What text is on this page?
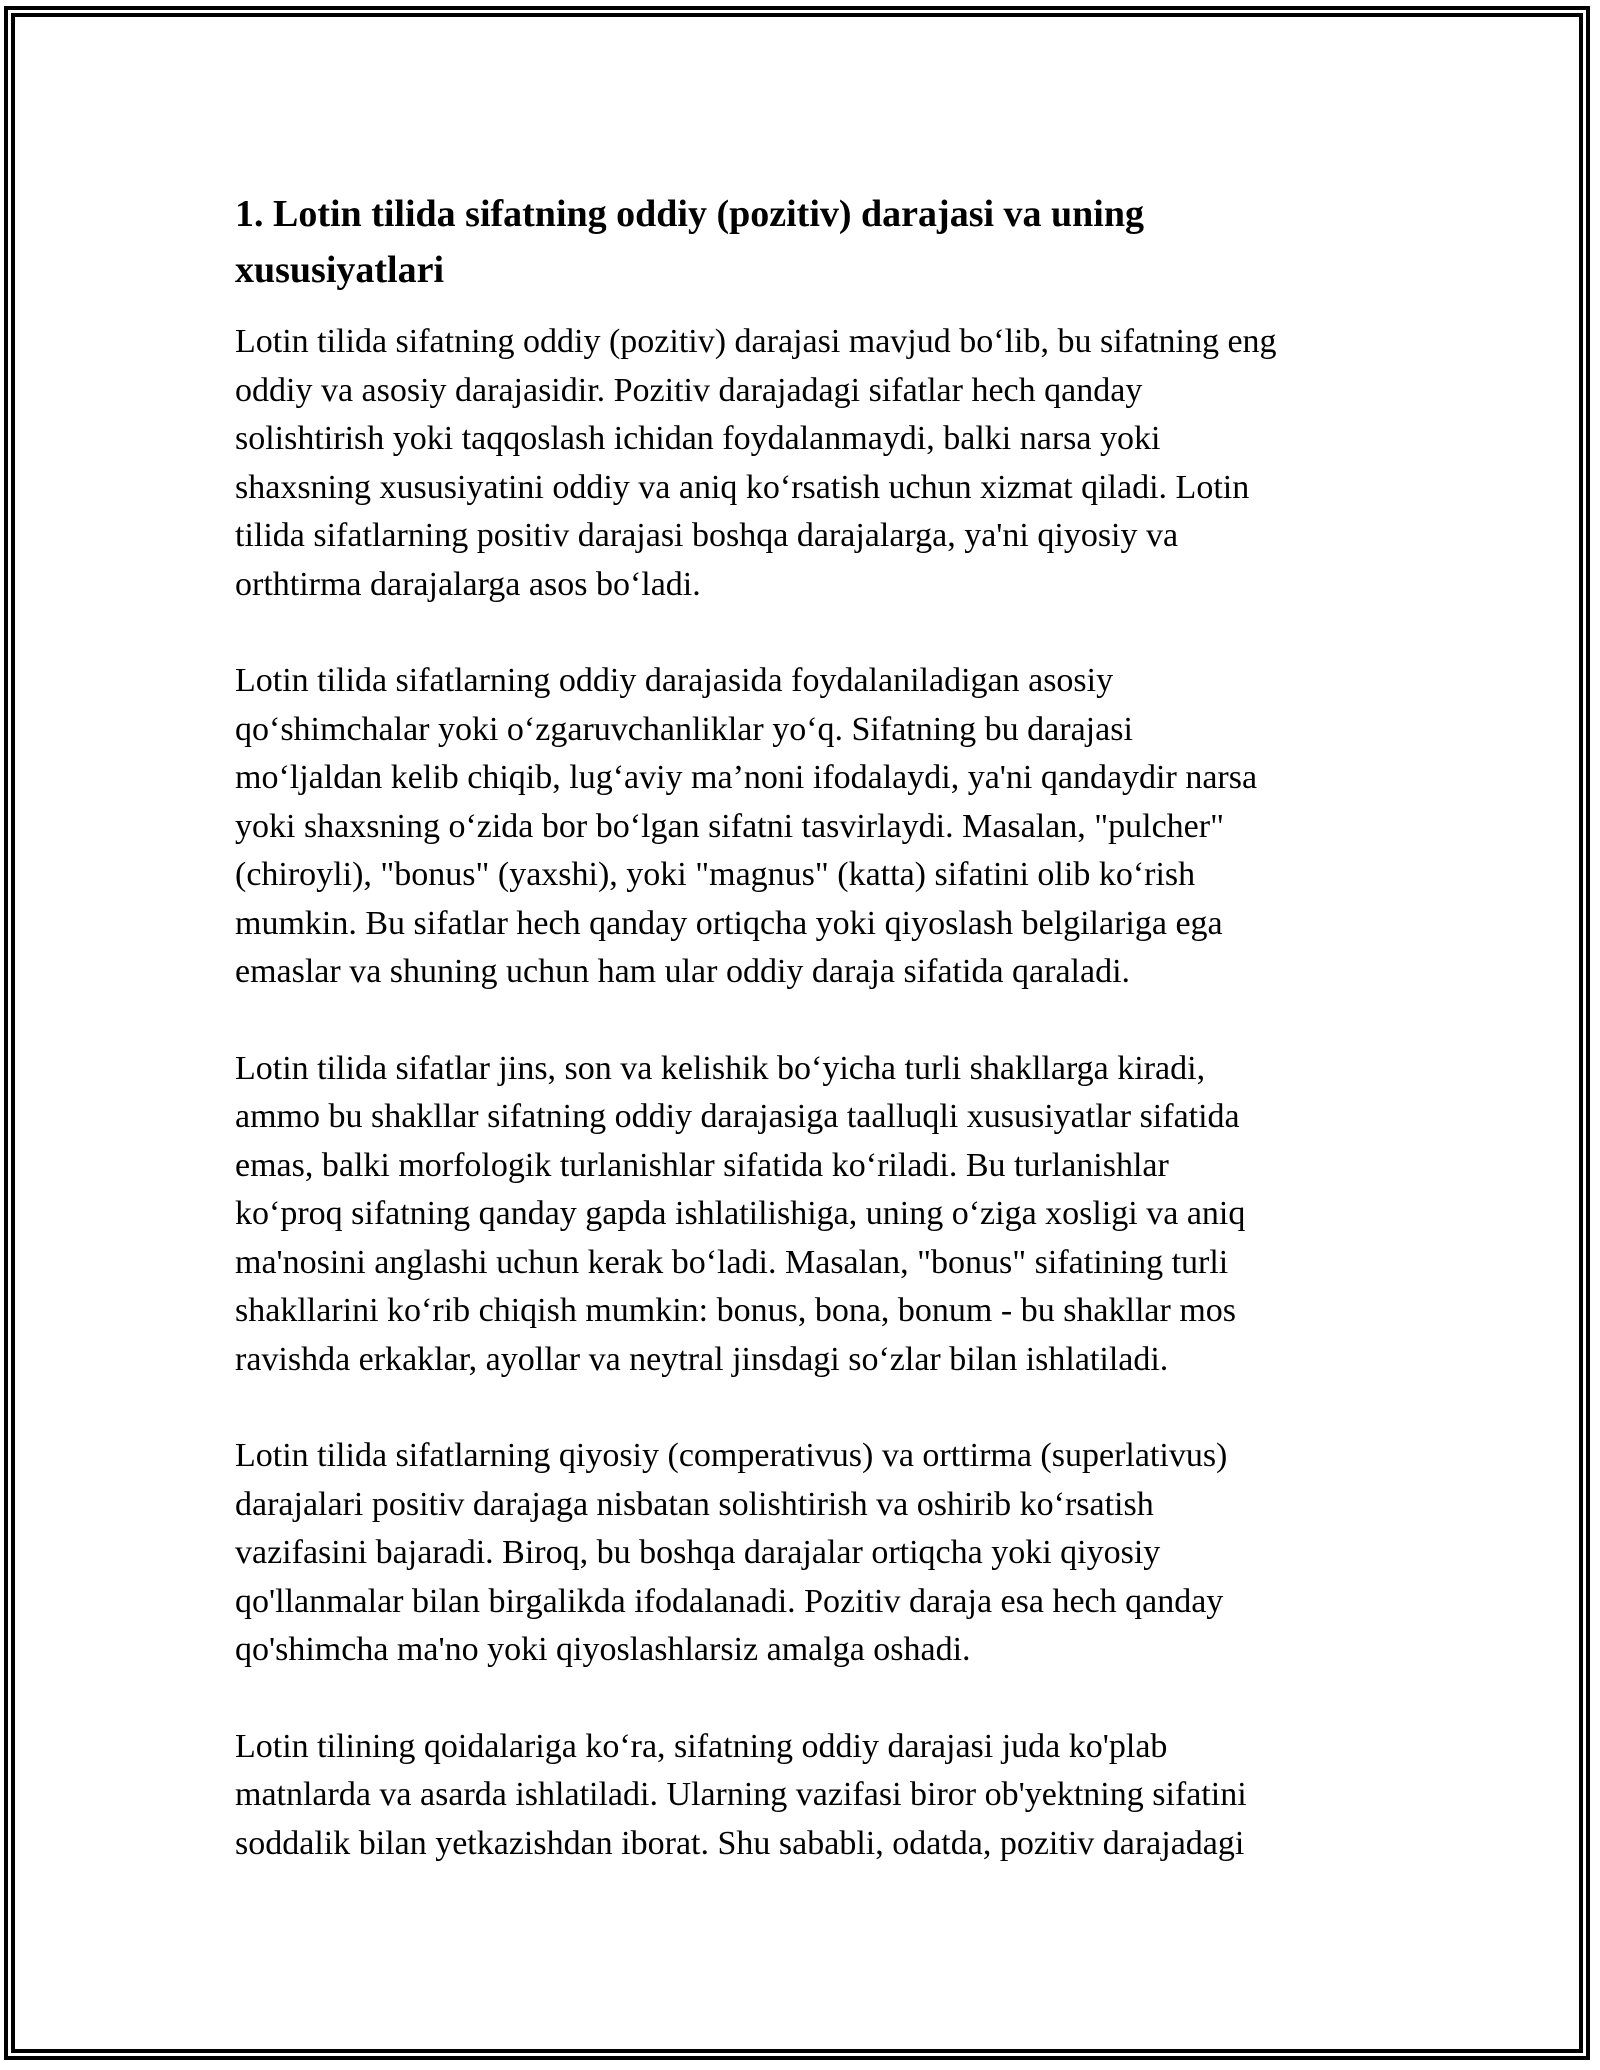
1. Lotin tilida sifatning oddiy (pozitiv) darajasi va uning xususiyatlari

Lotin tilida sifatning oddiy (pozitiv) darajasi mavjud bo‘lib, bu sifatning eng
oddiy va asosiy darajasidir. Pozitiv darajadagi sifatlar hech qanday
solishtirish yoki taqqoslash ichidan foydalanmaydi, balki narsa yoki
shaxsning xususiyatini oddiy va aniq ko‘rsatish uchun xizmat qiladi. Lotin
tilida sifatlarning positiv darajasi boshqa darajalarga, ya'ni qiyosiy va
orthtirma darajalarga asos bo‘ladi.

Lotin tilida sifatlarning oddiy darajasida foydalaniladigan asosiy
qo‘shimchalar yoki o‘zgaruvchanliklar yo‘q. Sifatning bu darajasi
mo‘ljaldan kelib chiqib, lug‘aviy ma’noni ifodalaydi, ya'ni qandaydir narsa
yoki shaxsning o‘zida bor bo‘lgan sifatni tasvirlaydi. Masalan, "pulcher"
(chiroyli), "bonus" (yaxshi), yoki "magnus" (katta) sifatini olib ko‘rish
mumkin. Bu sifatlar hech qanday ortiqcha yoki qiyoslash belgilariga ega
emaslar va shuning uchun ham ular oddiy daraja sifatida qaraladi.

Lotin tilida sifatlar jins, son va kelishik bo‘yicha turli shakllarga kiradi,
ammo bu shakllar sifatning oddiy darajasiga taalluqli xususiyatlar sifatida
emas, balki morfologik turlanishlar sifatida ko‘riladi. Bu turlanishlar
ko‘proq sifatning qanday gapda ishlatilishiga, uning o‘ziga xosligi va aniq
ma'nosini anglashi uchun kerak bo‘ladi. Masalan, "bonus" sifatining turli
shakllarini ko‘rib chiqish mumkin: bonus, bona, bonum - bu shakllar mos
ravishda erkaklar, ayollar va neytral jinsdagi so‘zlar bilan ishlatiladi.

Lotin tilida sifatlarning qiyosiy (comperativus) va orttirma (superlativus)
darajalari positiv darajaga nisbatan solishtirish va oshirib ko‘rsatish
vazifasini bajaradi. Biroq, bu boshqa darajalar ortiqcha yoki qiyosiy
qo'llanmalar bilan birgalikda ifodalanadi. Pozitiv daraja esa hech qanday
qo'shimcha ma'no yoki qiyoslashlarsiz amalga oshadi.

Lotin tilining qoidalariga ko‘ra, sifatning oddiy darajasi juda ko'plab
matnlarda va asarda ishlatiladi. Ularning vazifasi biror ob'yektning sifatini
soddalik bilan yetkazishdan iborat. Shu sababli, odatda, pozitiv darajadagi
